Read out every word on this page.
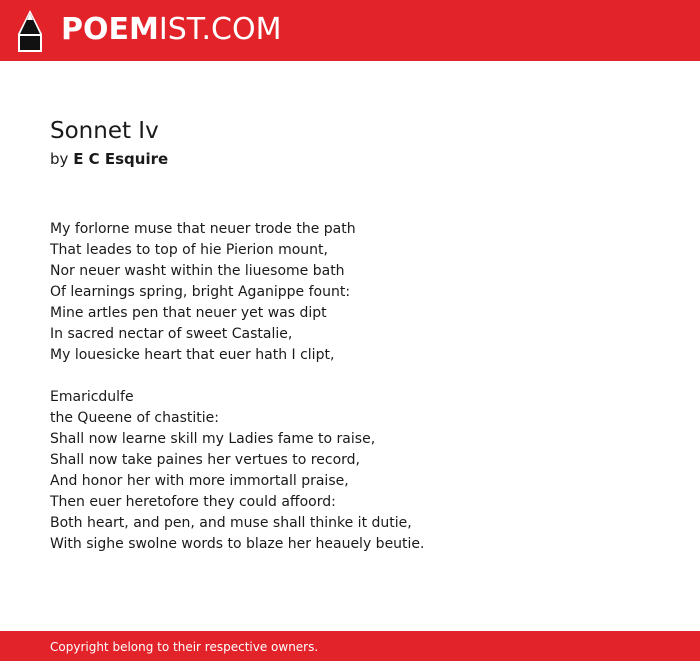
POEMIST.COM
Sonnet Iv
by E C Esquire
My forlorne muse that neuer trode the path
That leades to top of hie Pierion mount,
Nor neuer washt within the liuesome bath
Of learnings spring, bright Aganippe fount:
Mine artles pen that neuer yet was dipt
In sacred nectar of sweet Castalie,
My louesicke heart that euer hath I clipt,
Emaricdulfe
the Queene of chastitie:
Shall now learne skill my Ladies fame to raise,
Shall now take paines her vertues to record,
And honor her with more immortall praise,
Then euer heretofore they could affoord:
Both heart, and pen, and muse shall thinke it dutie,
With sighe swolne words to blaze her heauely beutie.
Copyright belong to their respective owners.
